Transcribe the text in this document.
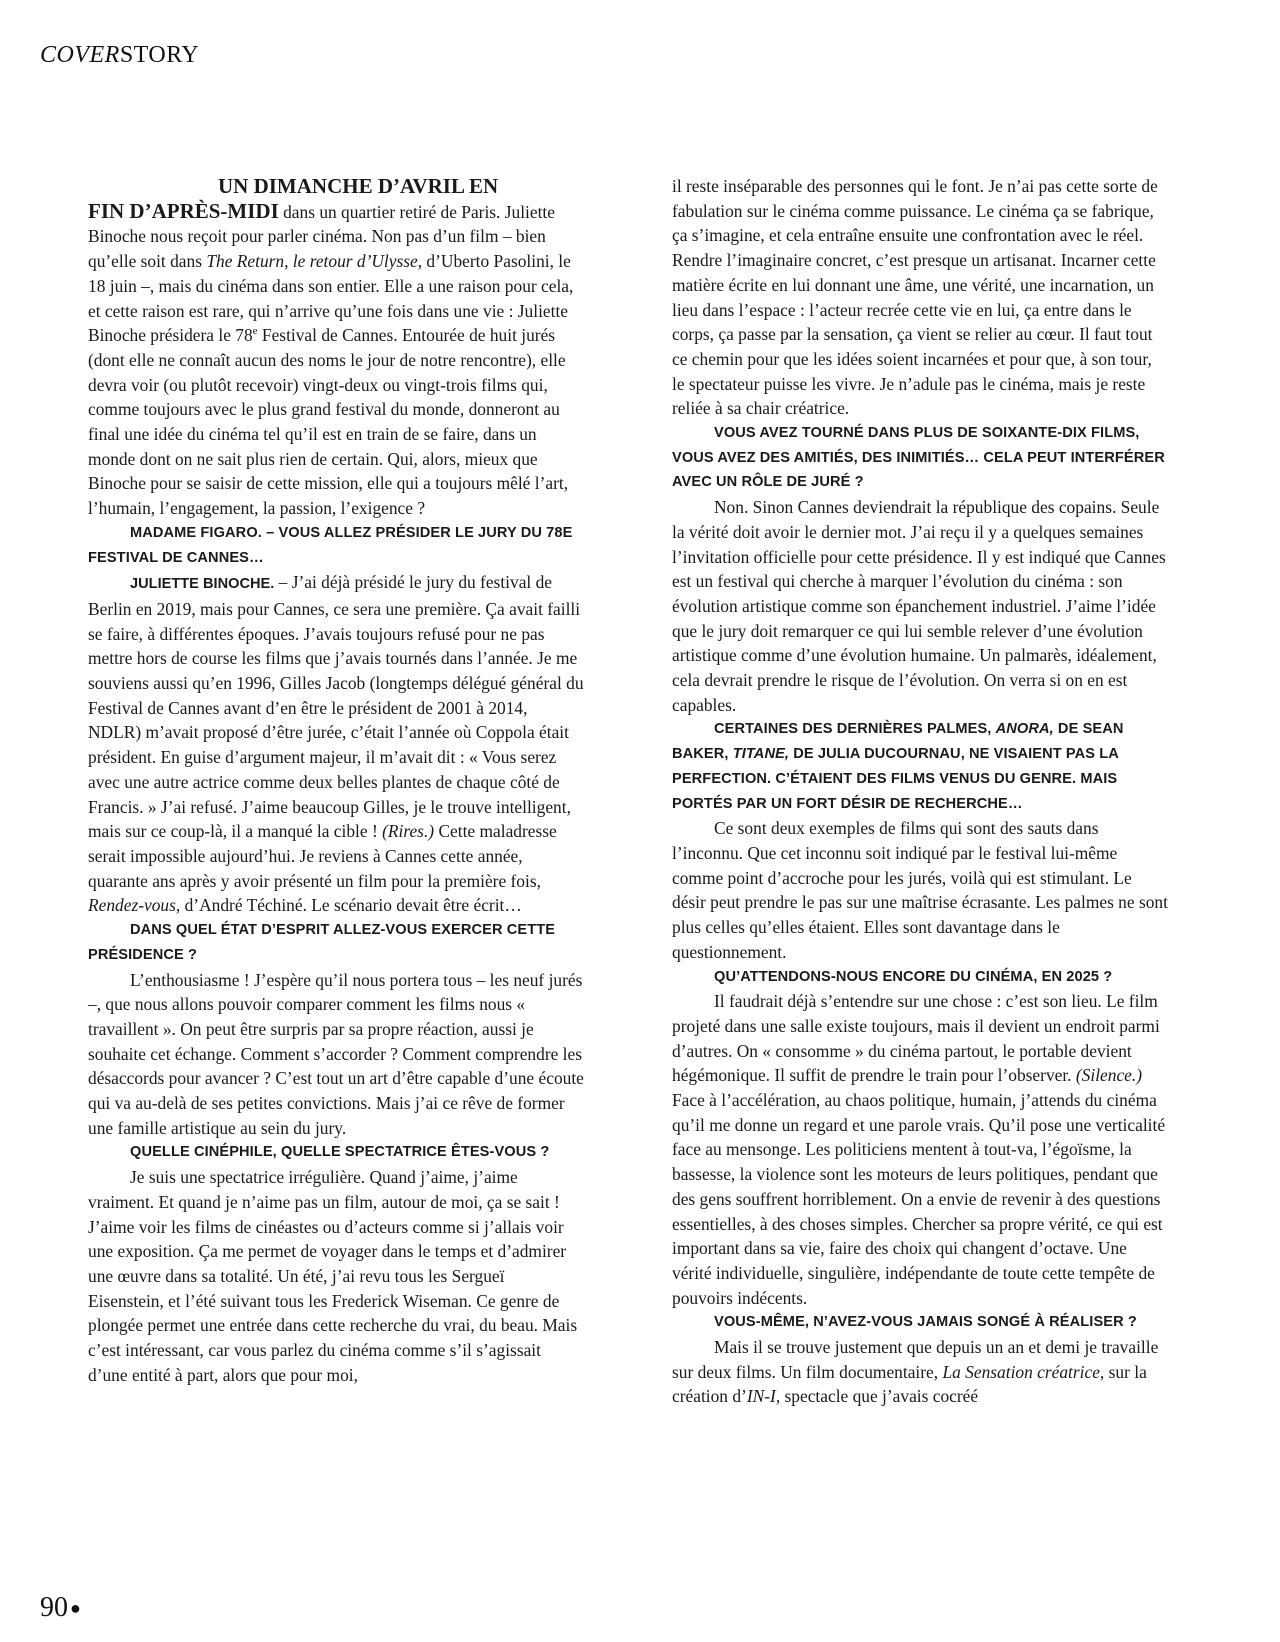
COVERSTORY

UN DIMANCHE D’AVRIL EN

FIN D’APRÈS-MIDI dans un quartier retiré de Paris. Juliette Binoche nous reçoit pour parler cinéma. Non pas d’un film – bien qu’elle soit dans The Return, le retour d’Ulysse, d’Uberto Pasolini, le 18 juin –, mais du cinéma dans son entier. Elle a une raison pour cela, et cette raison est rare, qui n’arrive qu’une fois dans une vie : Juliette Binoche présidera le 78e Festival de Cannes. Entourée de huit jurés (dont elle ne connaît aucun des noms le jour de notre rencontre), elle devra voir (ou plutôt recevoir) vingt-deux ou vingt-trois films qui, comme toujours avec le plus grand festival du monde, donneront au final une idée du cinéma tel qu’il est en train de se faire, dans un monde dont on ne sait plus rien de certain. Qui, alors, mieux que Binoche pour se saisir de cette mission, elle qui a toujours mêlé l’art, l’humain, l’engagement, la passion, l’exigence ?

MADAME FIGARO. – VOUS ALLEZ PRÉSIDER LE JURY DU 78E FESTIVAL DE CANNES…

JULIETTE BINOCHE. – J’ai déjà présidé le jury du festival de Berlin en 2019, mais pour Cannes, ce sera une première. Ça avait failli se faire, à différentes époques. J’avais toujours refusé pour ne pas mettre hors de course les films que j’avais tournés dans l’année. Je me souviens aussi qu’en 1996, Gilles Jacob (longtemps délégué général du Festival de Cannes avant d’en être le président de 2001 à 2014, NDLR) m’avait proposé d’être jurée, c’était l’année où Coppola était président. En guise d’argument majeur, il m’avait dit : « Vous serez avec une autre actrice comme deux belles plantes de chaque côté de Francis. » J’ai refusé. J’aime beaucoup Gilles, je le trouve intelligent, mais sur ce coup-là, il a manqué la cible ! (Rires.) Cette maladresse serait impossible aujourd’hui. Je reviens à Cannes cette année, quarante ans après y avoir présenté un film pour la première fois, Rendez-vous, d’André Téchiné. Le scénario devait être écrit…

DANS QUEL ÉTAT D’ESPRIT ALLEZ-VOUS EXERCER CETTE PRÉSIDENCE ?

L’enthousiasme ! J’espère qu’il nous portera tous – les neuf jurés –, que nous allons pouvoir comparer comment les films nous « travaillent ». On peut être surpris par sa propre réaction, aussi je souhaite cet échange. Comment s’accorder ? Comment comprendre les désaccords pour avancer ? C’est tout un art d’être capable d’une écoute qui va au-delà de ses petites convictions. Mais j’ai ce rêve de former une famille artistique au sein du jury.

QUELLE CINÉPHILE, QUELLE SPECTATRICE ÊTES-VOUS ?

Je suis une spectatrice irrégulière. Quand j’aime, j’aime vraiment. Et quand je n’aime pas un film, autour de moi, ça se sait ! J’aime voir les films de cinéastes ou d’acteurs comme si j’allais voir une exposition. Ça me permet de voyager dans le temps et d’admirer une œuvre dans sa totalité. Un été, j’ai revu tous les Sergueï Eisenstein, et l’été suivant tous les Frederick Wiseman. Ce genre de plongée permet une entrée dans cette recherche du vrai, du beau. Mais c’est intéressant, car vous parlez du cinéma comme s’il s’agissait d’une entité à part, alors que pour moi,

il reste inséparable des personnes qui le font. Je n’ai pas cette sorte de fabulation sur le cinéma comme puissance. Le cinéma ça se fabrique, ça s’imagine, et cela entraîne ensuite une confrontation avec le réel. Rendre l’imaginaire concret, c’est presque un artisanat. Incarner cette matière écrite en lui donnant une âme, une vérité, une incarnation, un lieu dans l’espace : l’acteur recrée cette vie en lui, ça entre dans le corps, ça passe par la sensation, ça vient se relier au cœur. Il faut tout ce chemin pour que les idées soient incarnées et pour que, à son tour, le spectateur puisse les vivre. Je n’adule pas le cinéma, mais je reste reliée à sa chair créatrice.

VOUS AVEZ TOURNÉ DANS PLUS DE SOIXANTE-DIX FILMS, VOUS AVEZ DES AMITIÉS, DES INIMITIÉS… CELA PEUT INTERFÉRER AVEC UN RÔLE DE JURÉ ?

Non. Sinon Cannes deviendrait la république des copains. Seule la vérité doit avoir le dernier mot. J’ai reçu il y a quelques semaines l’invitation officielle pour cette présidence. Il y est indiqué que Cannes est un festival qui cherche à marquer l’évolution du cinéma : son évolution artistique comme son épanchement industriel. J’aime l’idée que le jury doit remarquer ce qui lui semble relever d’une évolution artistique comme d’une évolution humaine. Un palmarès, idéalement, cela devrait prendre le risque de l’évolution. On verra si on en est capables.

CERTAINES DES DERNIÈRES PALMES, ANORA, DE SEAN BAKER, TITANE, DE JULIA DUCOURNAU, NE VISAIENT PAS LA PERFECTION. C’ÉTAIENT DES FILMS VENUS DU GENRE. MAIS PORTÉS PAR UN FORT DÉSIR DE RECHERCHE…

Ce sont deux exemples de films qui sont des sauts dans l’inconnu. Que cet inconnu soit indiqué par le festival lui-même comme point d’accroche pour les jurés, voilà qui est stimulant. Le désir peut prendre le pas sur une maîtrise écrasante. Les palmes ne sont plus celles qu’elles étaient. Elles sont davantage dans le questionnement.

QU’ATTENDONS-NOUS ENCORE DU CINÉMA, EN 2025 ?

Il faudrait déjà s’entendre sur une chose : c’est son lieu. Le film projeté dans une salle existe toujours, mais il devient un endroit parmi d’autres. On « consomme » du cinéma partout, le portable devient hégémonique. Il suffit de prendre le train pour l’observer. (Silence.) Face à l’accélération, au chaos politique, humain, j’attends du cinéma qu’il me donne un regard et une parole vrais. Qu’il pose une verticalité face au mensonge. Les politiciens mentent à tout-va, l’égoïsme, la bassesse, la violence sont les moteurs de leurs politiques, pendant que des gens souffrent horriblement. On a envie de revenir à des questions essentielles, à des choses simples. Chercher sa propre vérité, ce qui est important dans sa vie, faire des choix qui changent d’octave. Une vérité individuelle, singulière, indépendante de toute cette tempête de pouvoirs indécents.

VOUS-MÊME, N’AVEZ-VOUS JAMAIS SONGÉ À RÉALISER ?

Mais il se trouve justement que depuis un an et demi je travaille sur deux films. Un film documentaire, La Sensation créatrice, sur la création d’IN-I, spectacle que j’avais cocréé

90 ●
